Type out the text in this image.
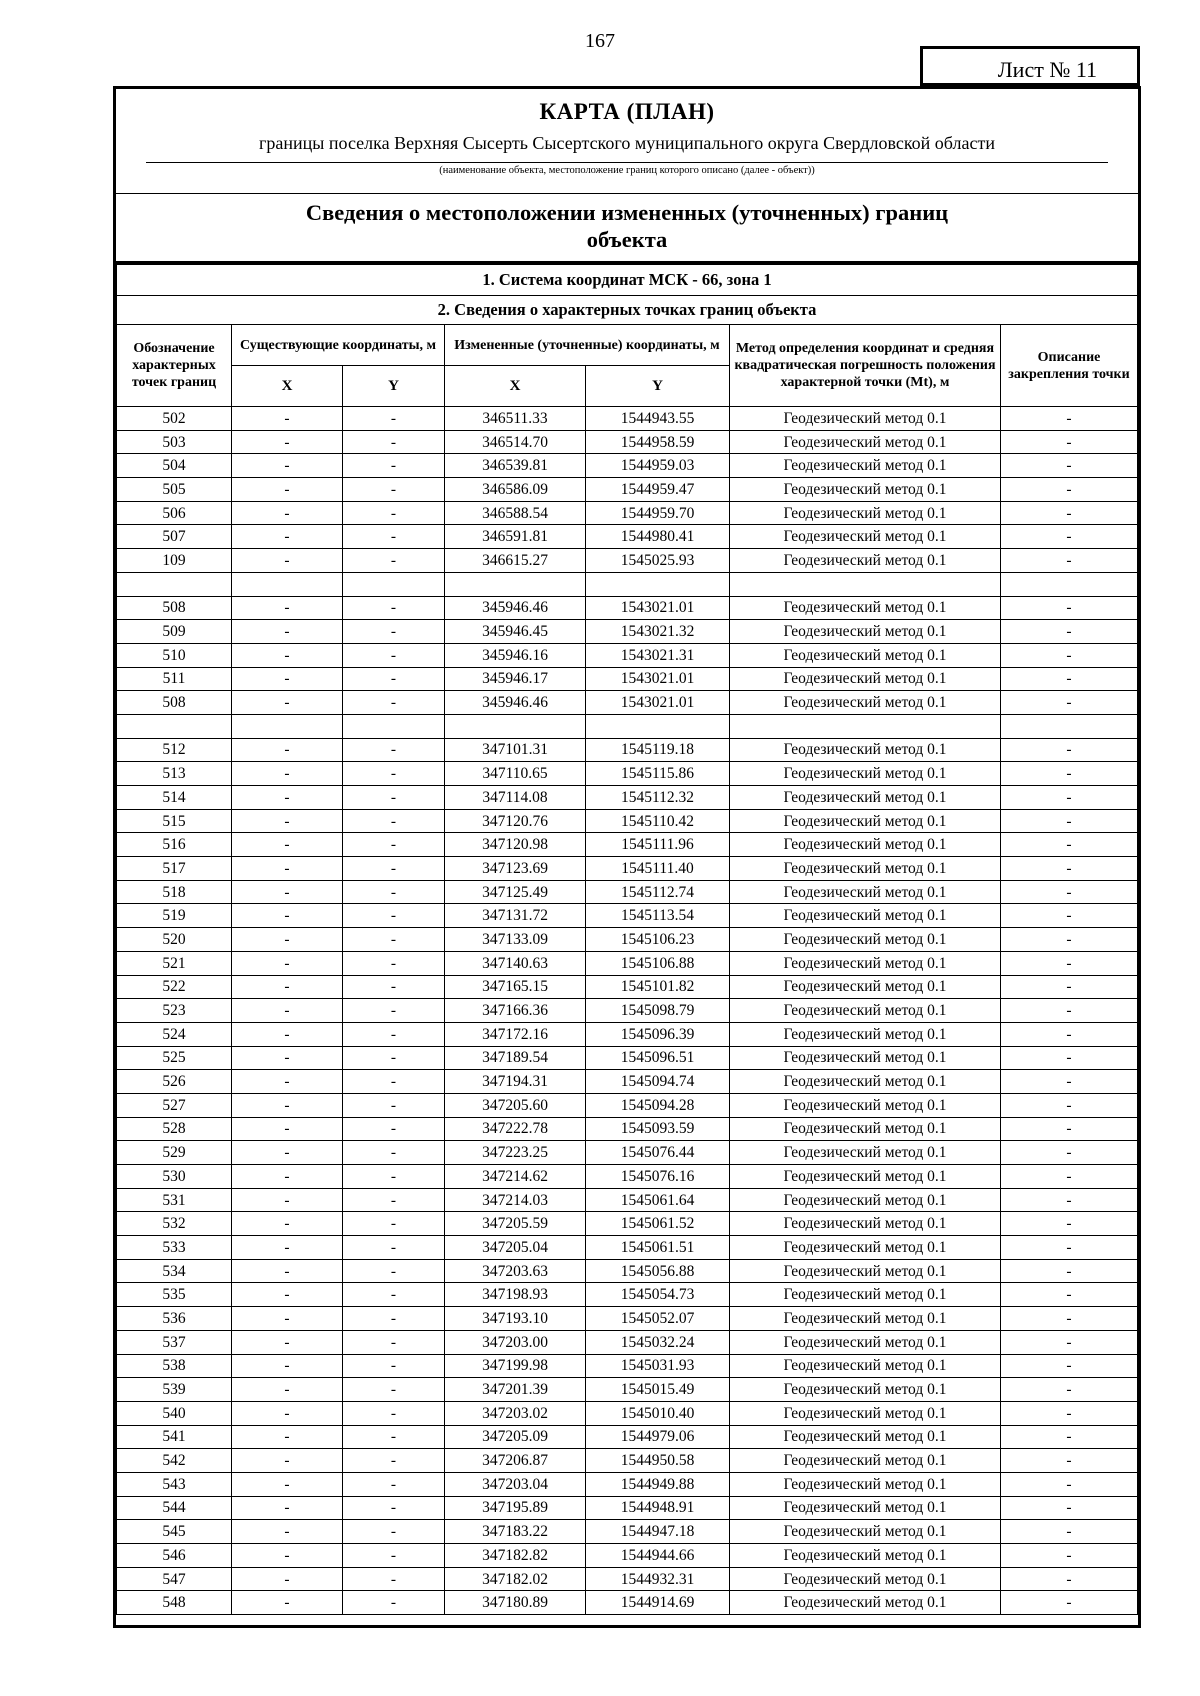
167
Лист № 11
КАРТА (ПЛАН)
границы поселка Верхняя Сысерть Сысертского муниципального округа Свердловской области
(наименование объекта, местоположение границ которого описано (далее - объект))
Сведения о местоположении измененных (уточненных) границ
объекта
1. Система координат МСК - 66, зона 1						
2. Сведения о характерных точках границ объекта						
Обозначение характерных точек границ	Существующие координаты, м		Измененные (уточненные) координаты, м		Метод определения координат и средняя квадратическая погрешность положения характерной точки (Mt), м	Описание закрепления точки
	X	Y	X	Y		
502	-	-	346511.33	1544943.55	Геодезический метод 0.1	-
503	-	-	346514.70	1544958.59	Геодезический метод 0.1	-
504	-	-	346539.81	1544959.03	Геодезический метод 0.1	-
505	-	-	346586.09	1544959.47	Геодезический метод 0.1	-
506	-	-	346588.54	1544959.70	Геодезический метод 0.1	-
507	-	-	346591.81	1544980.41	Геодезический метод 0.1	-
109	-	-	346615.27	1545025.93	Геодезический метод 0.1	-

508	-	-	345946.46	1543021.01	Геодезический метод 0.1	-
509	-	-	345946.45	1543021.32	Геодезический метод 0.1	-
510	-	-	345946.16	1543021.31	Геодезический метод 0.1	-
511	-	-	345946.17	1543021.01	Геодезический метод 0.1	-
508	-	-	345946.46	1543021.01	Геодезический метод 0.1	-

512	-	-	347101.31	1545119.18	Геодезический метод 0.1	-
513	-	-	347110.65	1545115.86	Геодезический метод 0.1	-
514	-	-	347114.08	1545112.32	Геодезический метод 0.1	-
515	-	-	347120.76	1545110.42	Геодезический метод 0.1	-
516	-	-	347120.98	1545111.96	Геодезический метод 0.1	-
517	-	-	347123.69	1545111.40	Геодезический метод 0.1	-
518	-	-	347125.49	1545112.74	Геодезический метод 0.1	-
519	-	-	347131.72	1545113.54	Геодезический метод 0.1	-
520	-	-	347133.09	1545106.23	Геодезический метод 0.1	-
521	-	-	347140.63	1545106.88	Геодезический метод 0.1	-
522	-	-	347165.15	1545101.82	Геодезический метод 0.1	-
523	-	-	347166.36	1545098.79	Геодезический метод 0.1	-
524	-	-	347172.16	1545096.39	Геодезический метод 0.1	-
525	-	-	347189.54	1545096.51	Геодезический метод 0.1	-
526	-	-	347194.31	1545094.74	Геодезический метод 0.1	-
527	-	-	347205.60	1545094.28	Геодезический метод 0.1	-
528	-	-	347222.78	1545093.59	Геодезический метод 0.1	-
529	-	-	347223.25	1545076.44	Геодезический метод 0.1	-
530	-	-	347214.62	1545076.16	Геодезический метод 0.1	-
531	-	-	347214.03	1545061.64	Геодезический метод 0.1	-
532	-	-	347205.59	1545061.52	Геодезический метод 0.1	-
533	-	-	347205.04	1545061.51	Геодезический метод 0.1	-
534	-	-	347203.63	1545056.88	Геодезический метод 0.1	-
535	-	-	347198.93	1545054.73	Геодезический метод 0.1	-
536	-	-	347193.10	1545052.07	Геодезический метод 0.1	-
537	-	-	347203.00	1545032.24	Геодезический метод 0.1	-
538	-	-	347199.98	1545031.93	Геодезический метод 0.1	-
539	-	-	347201.39	1545015.49	Геодезический метод 0.1	-
540	-	-	347203.02	1545010.40	Геодезический метод 0.1	-
541	-	-	347205.09	1544979.06	Геодезический метод 0.1	-
542	-	-	347206.87	1544950.58	Геодезический метод 0.1	-
543	-	-	347203.04	1544949.88	Геодезический метод 0.1	-
544	-	-	347195.89	1544948.91	Геодезический метод 0.1	-
545	-	-	347183.22	1544947.18	Геодезический метод 0.1	-
546	-	-	347182.82	1544944.66	Геодезический метод 0.1	-
547	-	-	347182.02	1544932.31	Геодезический метод 0.1	-
548	-	-	347180.89	1544914.69	Геодезический метод 0.1	-
